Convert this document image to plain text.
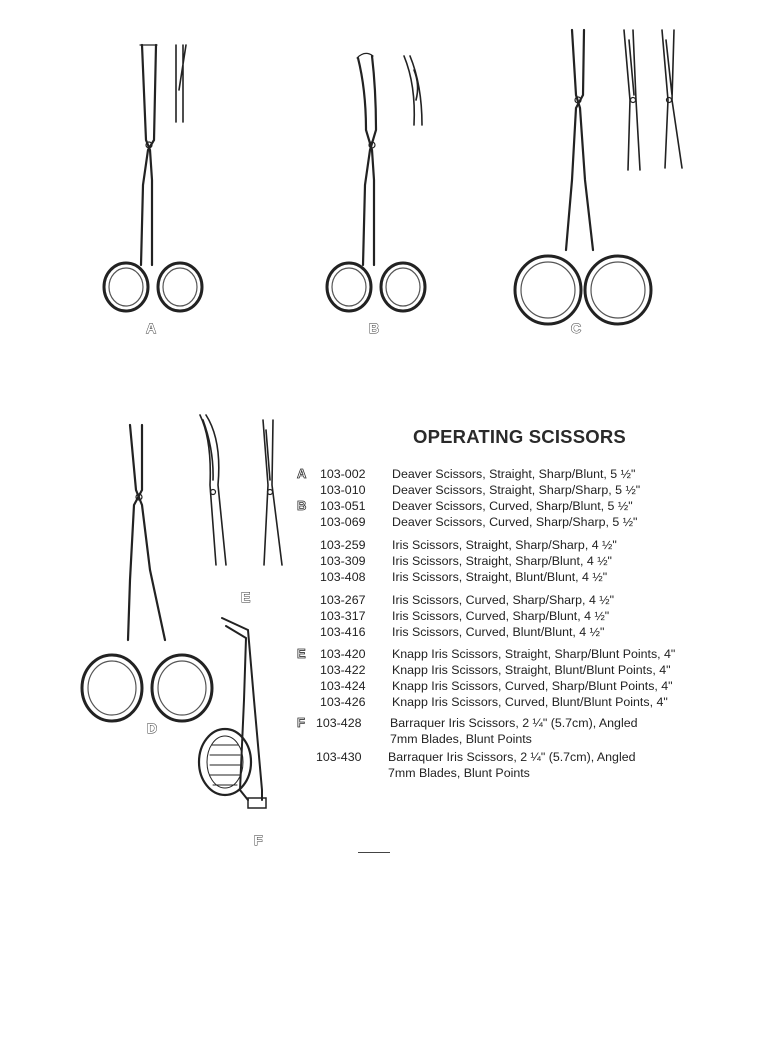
A	B	C
D
E
F
OPERATING SCISSORS
A 103-002 Deaver Scissors, Straight, Sharp/Blunt, 5 ½"
103-010 Deaver Scissors, Straight, Sharp/Sharp, 5 ½"
B 103-051 Deaver Scissors, Curved, Sharp/Blunt, 5 ½"
103-069 Deaver Scissors, Curved, Sharp/Sharp, 5 ½"
103-259 Iris Scissors, Straight, Sharp/Sharp, 4 ½"
103-309 Iris Scissors, Straight, Sharp/Blunt, 4 ½"
103-408 Iris Scissors, Straight, Blunt/Blunt, 4 ½"
103-267 Iris Scissors, Curved, Sharp/Sharp, 4 ½"
103-317 Iris Scissors, Curved, Sharp/Blunt, 4 ½"
103-416 Iris Scissors, Curved, Blunt/Blunt, 4 ½"
E 103-420 Knapp Iris Scissors, Straight, Sharp/Blunt Points, 4"
103-422 Knapp Iris Scissors, Straight, Blunt/Blunt Points, 4"
103-424 Knapp Iris Scissors, Curved, Sharp/Blunt Points, 4"
103-426 Knapp Iris Scissors, Curved, Blunt/Blunt Points, 4"
F 103-428 Barraquer Iris Scissors, 2 ¼" (5.7cm), Angled
7mm Blades, Blunt Points
103-430 Barraquer Iris Scissors, 2 ¼" (5.7cm), Angled
7mm Blades, Blunt Points
